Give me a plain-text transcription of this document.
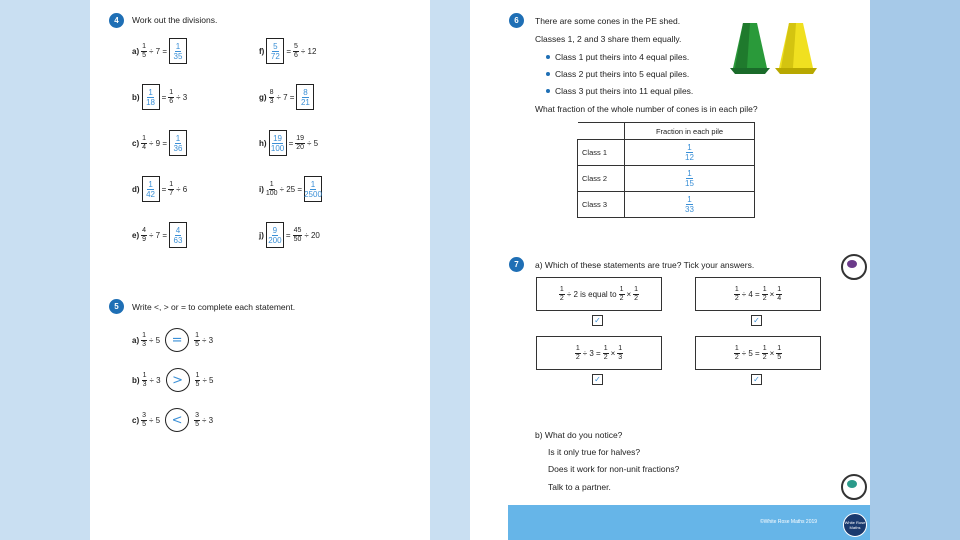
4	Work out the divisions.
$a) \frac{1}{5} \div 7 = \frac{1}{35}$
$b) \frac{1}{18} = \frac{1}{6} \div 3$
$c) \frac{1}{4} \div 9 = \frac{1}{36}$
$d) \frac{1}{42} = \frac{1}{7} \div 6$
$e) \frac{4}{9} \div 7 = \frac{4}{63}$
$f) \frac{5}{72} = \frac{5}{6} \div 12$
$g) \frac{8}{3} \div 7 = \frac{8}{21}$
$h) \frac{19}{100} = \frac{19}{20} \div 5$
$i) \frac{1}{100} \div 25 = \frac{1}{2500}$
$j) \frac{9}{200} = \frac{45}{50} \div 20$
5	Write <, > or = to complete each statement.
$a) \frac{1}{3} \div 5 = \frac{1}{5} \div 3$
$b) \frac{1}{3} \div 3 > \frac{1}{5} \div 5$
$c) \frac{3}{5} \div 5 < \frac{3}{5} \div 3$
6	There are some cones in the PE shed.
Classes 1, 2 and 3 share them equally.
Class 1 put theirs into 4 equal piles.
Class 2 put theirs into 5 equal piles.
Class 3 put theirs into 11 equal piles.
What fraction of the whole number of cones is in each pile?
	Fraction in each pile
Class 1	$\frac{1}{12}$

Class 2	$\frac{1}{15}$

Class 3	$\frac{1}{33}$
7	a) Which of these statements are true? Tick your answers.
$\frac{1}{2} \div 2$ is equal to $\frac{1}{2} \times \frac{1}{2}$
✓
$\frac{1}{2} \div 4 = \frac{1}{2} \times \frac{1}{4}$
✓
$\frac{1}{2} \div 3 = \frac{1}{2} \times \frac{1}{3}$
✓
$\frac{1}{2} \div 5 = \frac{1}{2} \times \frac{1}{5}$
✓
b) What do you notice?
Is it only true for halves?
Does it work for non-unit fractions?
Talk to a partner.
©White Rose Maths 2019	White Rose Maths
